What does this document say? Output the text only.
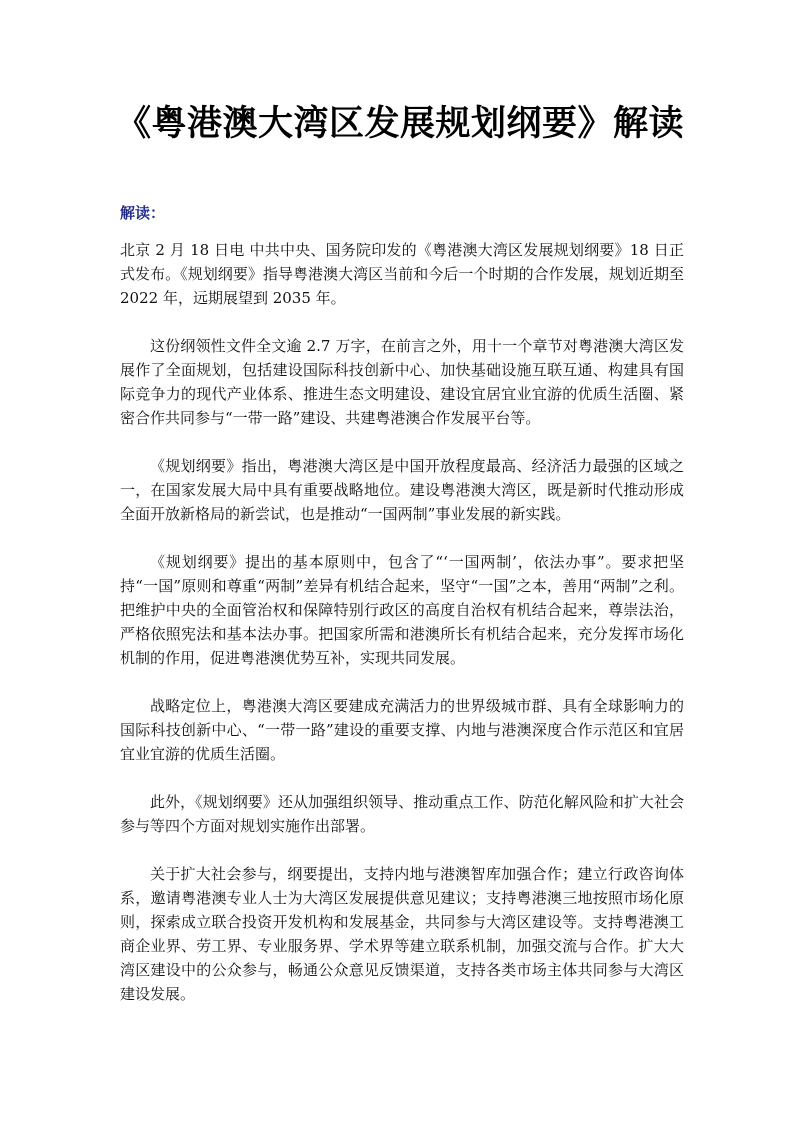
《粤港澳大湾区发展规划纲要》解读
解读：

北京 2 月 18 日电 中共中央、国务院印发的《粤港澳大湾区发展规划纲要》18 日正式发布。《规划纲要》指导粤港澳大湾区当前和今后一个时期的合作发展，规划近期至 2022 年，远期展望到 2035 年。

这份纲领性文件全文逾 2.7 万字，在前言之外，用十一个章节对粤港澳大湾区发展作了全面规划，包括建设国际科技创新中心、加快基础设施互联互通、构建具有国际竞争力的现代产业体系、推进生态文明建设、建设宜居宜业宜游的优质生活圈、紧密合作共同参与“一带一路”建设、共建粤港澳合作发展平台等。

《规划纲要》指出，粤港澳大湾区是中国开放程度最高、经济活力最强的区域之一，在国家发展大局中具有重要战略地位。建设粤港澳大湾区，既是新时代推动形成全面开放新格局的新尝试，也是推动“一国两制”事业发展的新实践。

《规划纲要》提出的基本原则中，包含了“‘一国两制’，依法办事”。要求把坚持“一国”原则和尊重“两制”差异有机结合起来，坚守“一国”之本，善用“两制”之利。把维护中央的全面管治权和保障特别行政区的高度自治权有机结合起来，尊崇法治，严格依照宪法和基本法办事。把国家所需和港澳所长有机结合起来，充分发挥市场化机制的作用，促进粤港澳优势互补，实现共同发展。

战略定位上，粤港澳大湾区要建成充满活力的世界级城市群、具有全球影响力的国际科技创新中心、“一带一路”建设的重要支撑、内地与港澳深度合作示范区和宜居宜业宜游的优质生活圈。

此外，《规划纲要》还从加强组织领导、推动重点工作、防范化解风险和扩大社会参与等四个方面对规划实施作出部署。

关于扩大社会参与，纲要提出，支持内地与港澳智库加强合作；建立行政咨询体系，邀请粤港澳专业人士为大湾区发展提供意见建议；支持粤港澳三地按照市场化原则，探索成立联合投资开发机构和发展基金，共同参与大湾区建设等。支持粤港澳工商企业界、劳工界、专业服务界、学术界等建立联系机制，加强交流与合作。扩大大湾区建设中的公众参与，畅通公众意见反馈渠道，支持各类市场主体共同参与大湾区建设发展。
